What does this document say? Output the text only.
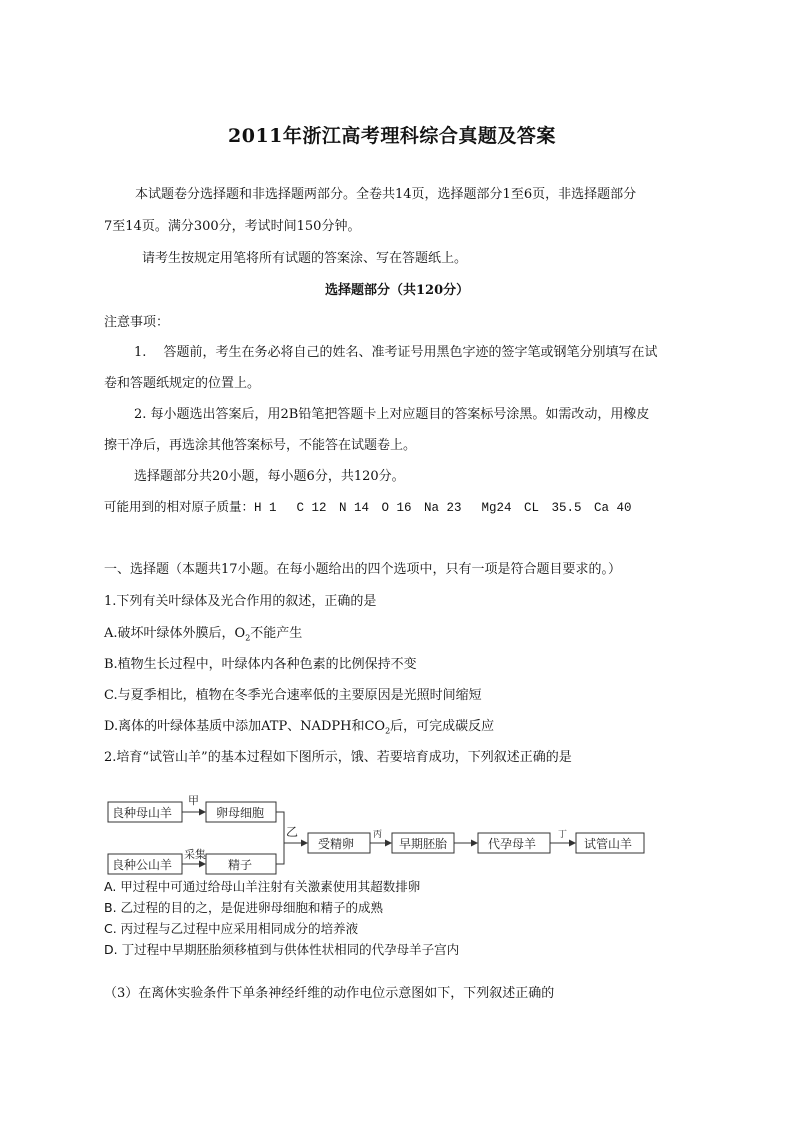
2011年浙江高考理科综合真题及答案
本试题卷分选择题和非选择题两部分。全卷共14页，选择题部分1至6页，非选择题部分
7至14页。满分300分，考试时间150分钟。
请考生按规定用笔将所有试题的答案涂、写在答题纸上。
选择题部分（共120分）
注意事项：
1.　 答题前，考生在务必将自己的姓名、准考证号用黑色字迹的签字笔或钢笔分别填写在试
卷和答题纸规定的位置上。
2. 每小题选出答案后，用2B铅笔把答题卡上对应题目的答案标号涂黑。如需改动，用橡皮
擦干净后，再选涂其他答案标号，不能答在试题卷上。
选择题部分共20小题，每小题6分，共120分。
可能用到的相对原子质量：H 1　 C 12　N 14　O 16　Na 23　 Mg24　CL　35.5　Ca 40
一、选择题（本题共17小题。在每小题给出的四个选项中，只有一项是符合题目要求的。）
1.下列有关叶绿体及光合作用的叙述，正确的是
A.破坏叶绿体外膜后，$O_2$不能产生
B.植物生长过程中，叶绿体内各种色素的比例保持不变
C.与夏季相比，植物在冬季光合速率低的主要原因是光照时间缩短
D.离体的叶绿体基质中添加ATP、NADPH和$CO_2$后，可完成碳反应
2.培育“试管山羊”的基本过程如下图所示，饿、若要培育成功，下列叙述正确的是
良种母山羊
甲
卵母细胞
良种公山羊
采集
精子
乙
受精卵
丙
早期胚胎	代孕母羊
丁
试管山羊
A. 甲过程中可通过给母山羊注射有关激素使用其超数排卵
B. 乙过程的目的之，是促进卵母细胞和精子的成熟
C. 丙过程与乙过程中应采用相同成分的培养液
D. 丁过程中早期胚胎须移植到与供体性状相同的代孕母羊子宫内
（3）在离休实验条件下单条神经纤维的动作电位示意图如下，下列叙述正确的
